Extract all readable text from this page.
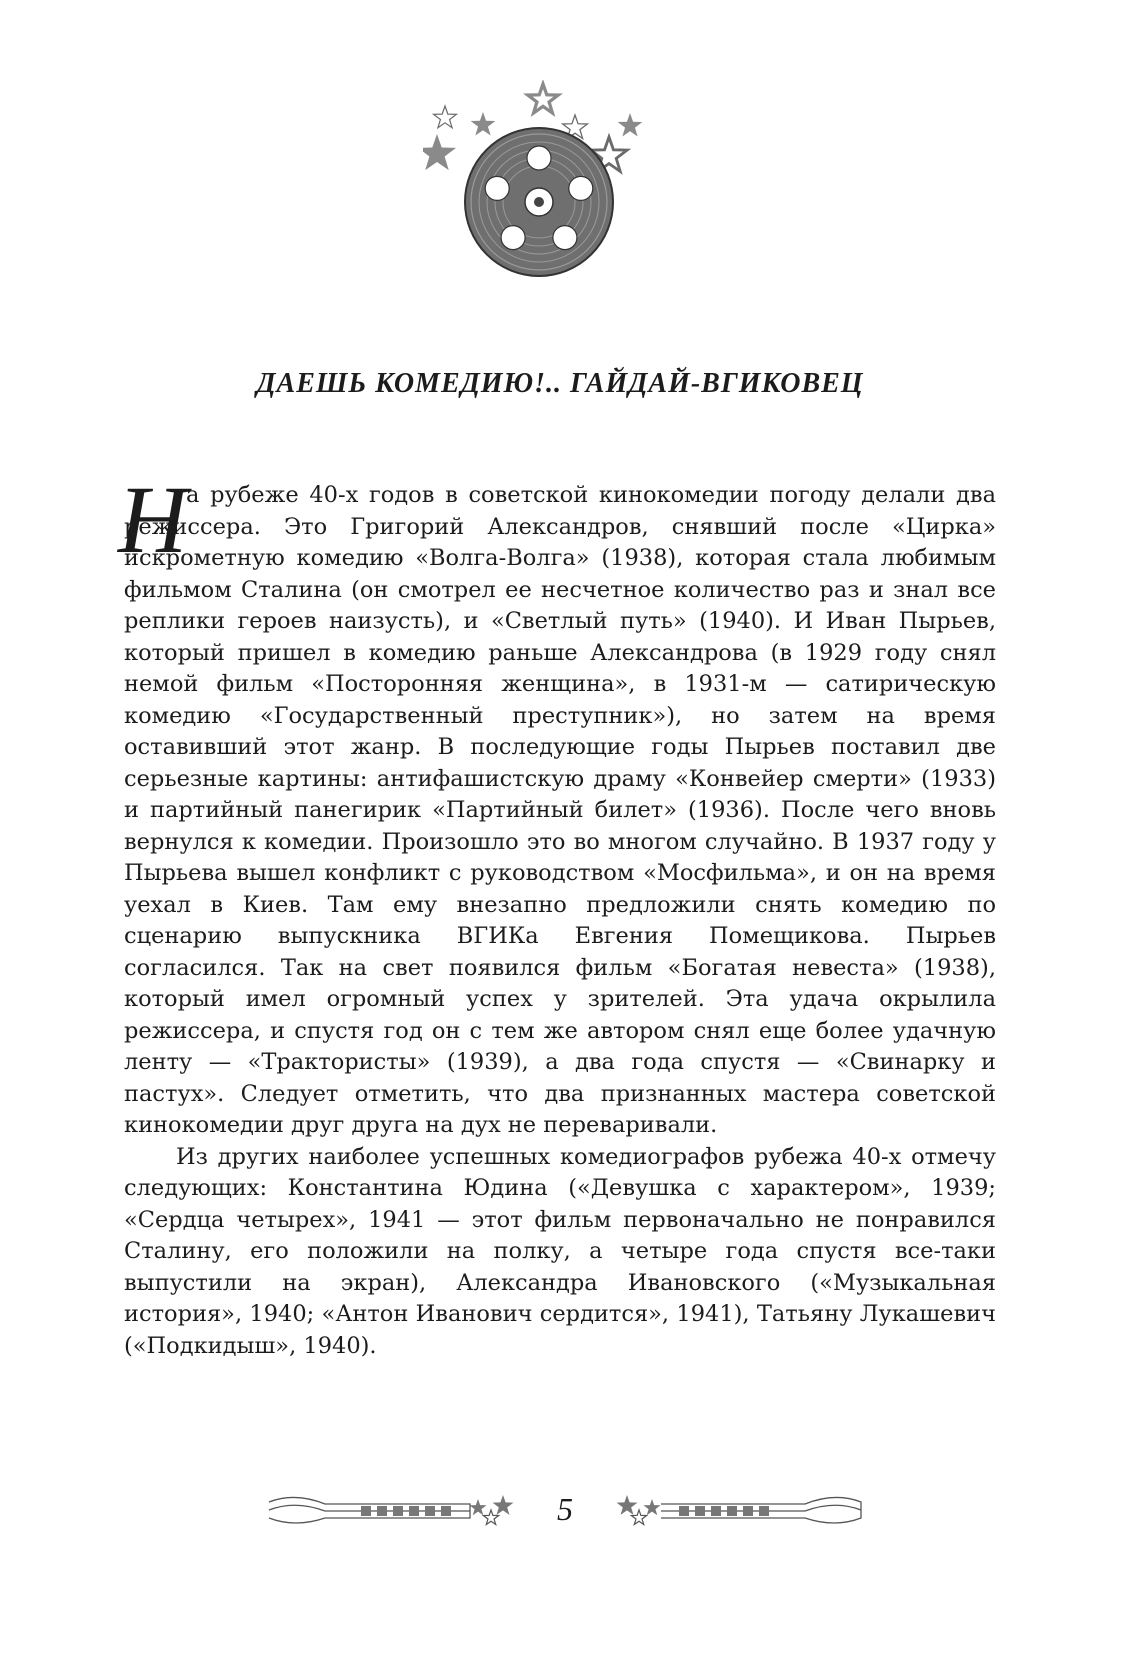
ДАЕШЬ КОМЕДИЮ!.. ГАЙДАЙ-ВГИКОВЕЦ
Н

а рубеже 40-х годов в советской кинокомедии погоду делали два режиссера. Это Григорий Александров, снявший после «Цирка» искрометную комедию «Волга-Волга» (1938), которая стала любимым фильмом Сталина (он смотрел ее несчетное количество раз и знал все реплики героев наизусть), и «Светлый путь» (1940). И Иван Пырьев, который пришел в комедию раньше Александрова (в 1929 году снял немой фильм «Посторонняя женщина», в 1931-м — сатирическую комедию «Государственный преступник»), но затем на время оставивший этот жанр. В последующие годы Пырьев поставил две серьезные картины: антифашистскую драму «Конвейер смерти» (1933) и партийный панегирик «Партийный билет» (1936). После чего вновь вернулся к комедии. Произошло это во многом случайно. В 1937 году у Пырьева вышел конфликт с руководством «Мосфильма», и он на время уехал в Киев. Там ему внезапно предложили снять комедию по сценарию выпускника ВГИКа Евгения Помещикова. Пырьев согласился. Так на свет появился фильм «Богатая невеста» (1938), который имел огромный успех у зрителей. Эта удача окрылила режиссера, и спустя год он с тем же автором снял еще более удачную ленту — «Трактористы» (1939), а два года спустя — «Свинарку и пастух». Следует отметить, что два признанных мастера советской кинокомедии друг друга на дух не переваривали.

Из других наиболее успешных комедиографов рубежа 40-х отмечу следующих: Константина Юдина («Девушка с характером», 1939; «Сердца четырех», 1941 — этот фильм первоначально не понравился Сталину, его положили на полку, а четыре года спустя все-таки выпустили на экран), Александра Ивановского («Музыкальная история», 1940; «Антон Иванович сердится», 1941), Татьяну Лукашевич («Подкидыш», 1940).

5
